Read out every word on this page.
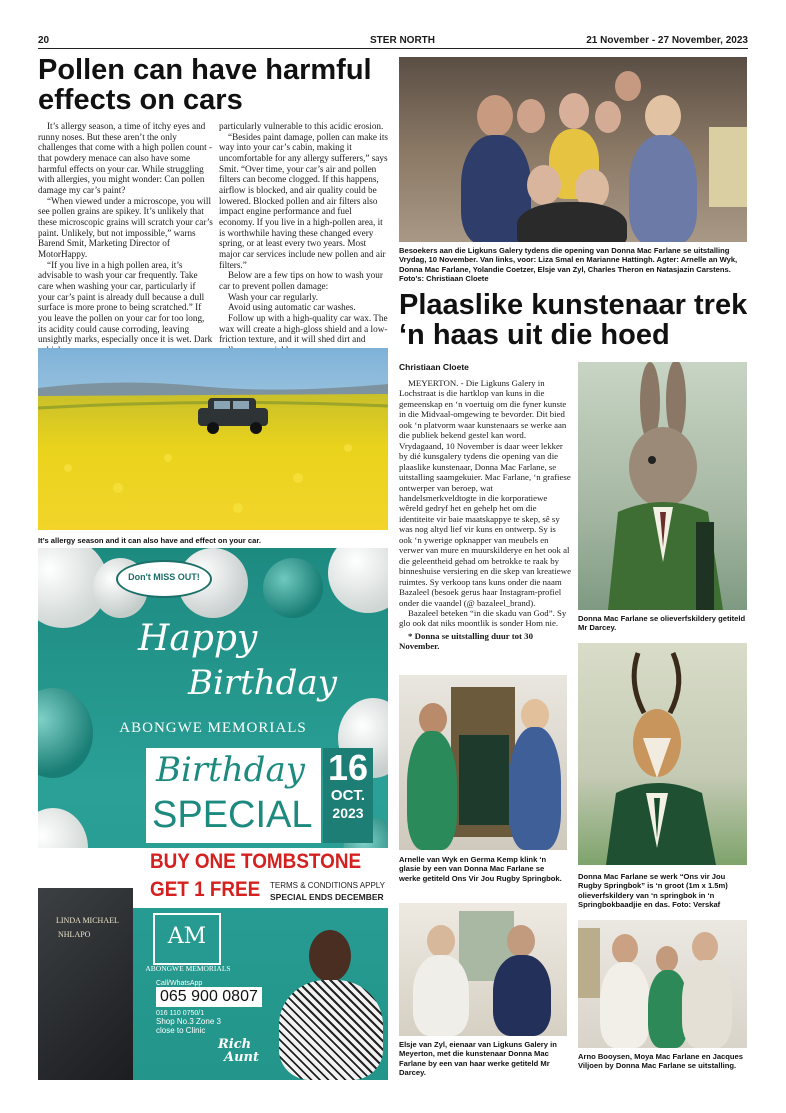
20	STER NORTH	21 November - 27 November, 2023
Pollen can have harmful effects on cars

It’s allergy season, a time of itchy eyes and runny noses. But these aren’t the only challenges that come with a high pollen count - that powdery menace can also have some harmful effects on your car. While struggling with allergies, you might wonder: Can pollen damage my car’s paint?

“When viewed under a microscope, you will see pollen grains are spikey. It’s unlikely that these microscopic grains will scratch your car’s paint. Unlikely, but not impossible,” warns Barend Smit, Marketing Director of MotorHappy.

“If you live in a high pollen area, it’s advisable to wash your car frequently. Take care when washing your car, particularly if your car’s paint is already dull because a dull surface is more prone to being scratched.” If you leave the pollen on your car for too long, its acidity could cause corroding, leaving unsightly marks, especially once it is wet. Dark

particularly vulnerable to this acidic erosion.

“Besides paint damage, pollen can make its way into your car’s cabin, making it uncomfortable for any allergy sufferers,” says Smit. “Over time, your car’s air and pollen filters can become clogged. If this happens, airflow is blocked, and air quality could be lowered. Blocked pollen and air filters also impact engine performance and fuel economy. If you live in a high-pollen area, it is worthwhile having these changed every spring, or at least every two years. Most major car services include new pollen and air filters.”

Below are a few tips on how to wash your car to prevent pollen damage:

Wash your car regularly.

Avoid using automatic car washes.

Follow up with a high-quality car wax. The wax will create a high-gloss shield and a low-friction texture, and it will shed dirt and

It’s allergy season and it can also have and effect on your car.
Don't MISS OUT!
Happy
Birthday
ABONGWE MEMORIALS
Birthday
SPECIAL
16
OCT.
2023
BUY ONE TOMBSTONE
GET 1 FREE TERMS & CONDITIONS APPLY
SPECIAL ENDS DECEMBER
LINDA MICHAEL
NHLAPO	AM
ABONGWE MEMORIALS
Call/WhatsApp
065 900 0807
016 110 0750/1
Shop No.3 Zone 3
close to Clinic
Rich
Aunt
Besoekers aan die Ligkuns Galery tydens die opening van Donna Mac Farlane se uitstalling Vrydag, 10 November. Van links, voor: Liza Smal en Marianne Hattingh. Agter: Arnelle an Wyk, Donna Mac Farlane, Yolandie Coetzer, Elsje van Zyl, Charles Theron en Natasjazin Carstens. Foto's: Christiaan Cloete
Plaaslike kunstenaar trek ‘n haas uit die hoed
Christiaan Cloete

MEYERTON. - Die Ligkuns Galery in Lochstraat is die hartklop van kuns in die gemeenskap en ‘n voertuig om die fyner kunste in die Midvaal-omgewing te bevorder. Dit bied ook ‘n platvorm waar kunstenaars se werke aan die publiek bekend gestel kan word. Vrydagaand, 10 November is daar weer lekker by dié kunsgalery tydens die opening van die plaaslike kunstenaar, Donna Mac Farlane, se uitstalling saamgekuier. Mac Farlane, ‘n grafiese ontwerper van beroep, wat handelsmerkveldtogte in die korporatiewe wêreld gedryf het en gehelp het om die identiteite vir baie maatskappye te skep, sê sy was nog altyd lief vir kuns en ontwerp. Sy is ook ‘n ywerige opknapper van meubels en verwer van mure en muurskilderye en het ook al die geleentheid gehad om betrokke te raak by binneshuise versiering en die skep van kreatiewe ruimtes. Sy verkoop tans kuns onder die naam Bazaleel (besoek gerus haar Instagram-profiel onder die vaandel (@ bazaleel_brand).

Bazaleel beteken “in die skadu van God”. Sy glo ook dat niks moontlik is sonder Hom nie.

* Donna se uitstalling duur tot 30 November.

Donna Mac Farlane se olieverfskildery getiteld Mr Darcey.
Arnelle van Wyk en Germa Kemp klink ‘n glasie by een van Donna Mac Farlane se werke getiteld Ons Vir Jou Rugby Springbok.	Donna Mac Farlane se werk “Ons vir Jou Rugby Springbok” is ‘n groot (1m x 1.5m) olieverfskildery van ‘n springbok in ‘n Springbokbaadjie en das. Foto: Verskaf
Elsje van Zyl, eienaar van Ligkuns Galery in Meyerton, met die kunstenaar Donna Mac Farlane by een van haar werke getiteld Mr Darcey.
Arno Booysen, Moya Mac Farlane en Jacques Viljoen by Donna Mac Farlane se uitstalling.
